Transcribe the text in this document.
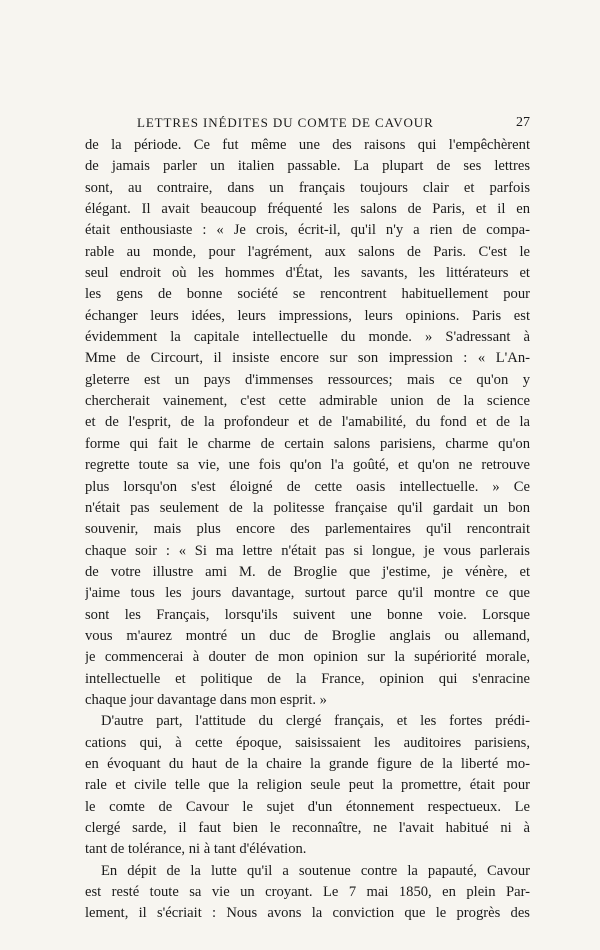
LETTRES INÉDITES DU COMTE DE CAVOUR	27
de la période. Ce fut même une des raisons qui l'empêchèrent
de jamais parler un italien passable. La plupart de ses lettres
sont, au contraire, dans un français toujours clair et parfois
élégant. Il avait beaucoup fréquenté les salons de Paris, et il en
était enthousiaste : « Je crois, écrit-il, qu'il n'y a rien de compa-
rable au monde, pour l'agrément, aux salons de Paris. C'est le
seul endroit où les hommes d'État, les savants, les littérateurs et
les gens de bonne société se rencontrent habituellement pour
échanger leurs idées, leurs impressions, leurs opinions. Paris est
évidemment la capitale intellectuelle du monde. » S'adressant à
Mme de Circourt, il insiste encore sur son impression : « L'An-
gleterre est un pays d'immenses ressources; mais ce qu'on y
chercherait vainement, c'est cette admirable union de la science
et de l'esprit, de la profondeur et de l'amabilité, du fond et de la
forme qui fait le charme de certain salons parisiens, charme qu'on
regrette toute sa vie, une fois qu'on l'a goûté, et qu'on ne retrouve
plus lorsqu'on s'est éloigné de cette oasis intellectuelle. » Ce
n'était pas seulement de la politesse française qu'il gardait un bon
souvenir, mais plus encore des parlementaires qu'il rencontrait
chaque soir : « Si ma lettre n'était pas si longue, je vous parlerais
de votre illustre ami M. de Broglie que j'estime, je vénère, et
j'aime tous les jours davantage, surtout parce qu'il montre ce que
sont les Français, lorsqu'ils suivent une bonne voie. Lorsque
vous m'aurez montré un duc de Broglie anglais ou allemand,
je commencerai à douter de mon opinion sur la supériorité morale,
intellectuelle et politique de la France, opinion qui s'enracine
chaque jour davantage dans mon esprit. »
D'autre part, l'attitude du clergé français, et les fortes prédi-
cations qui, à cette époque, saisissaient les auditoires parisiens,
en évoquant du haut de la chaire la grande figure de la liberté mo-
rale et civile telle que la religion seule peut la promettre, était pour
le comte de Cavour le sujet d'un étonnement respectueux. Le
clergé sarde, il faut bien le reconnaître, ne l'avait habitué ni à
tant de tolérance, ni à tant d'élévation.
En dépit de la lutte qu'il a soutenue contre la papauté, Cavour
est resté toute sa vie un croyant. Le 7 mai 1850, en plein Par-
lement, il s'écriait : Nous avons la conviction que le progrès des
